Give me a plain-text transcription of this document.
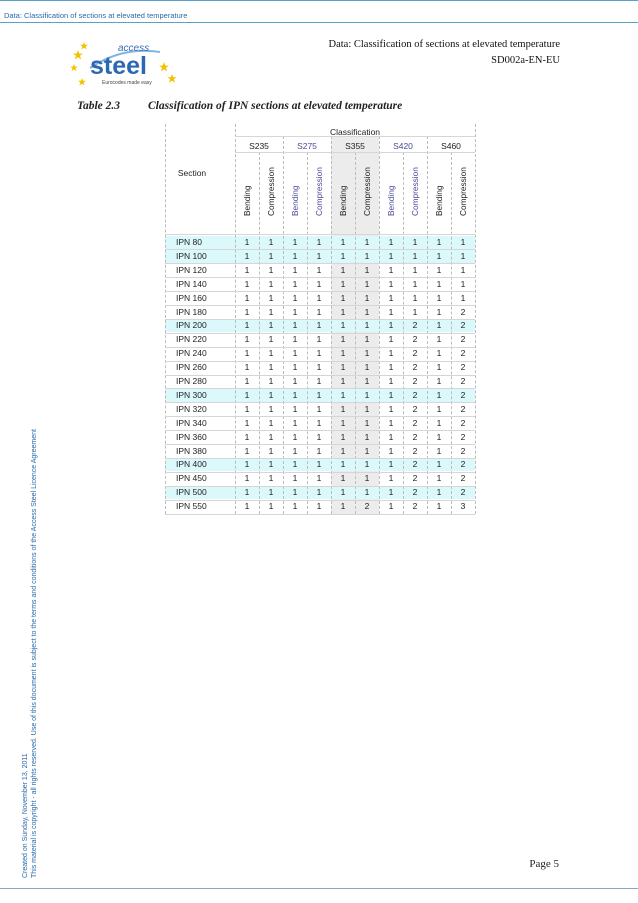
Data: Classification of sections at elevated temperature
access
steel
Eurocodes made easy
Data: Classification of sections at elevated temperature
SD002a-EN-EU
Table 2.3 Classification of IPN sections at elevated temperature
Classification
Section
S235	S275	S355	S420	S460
Bending Compression Bending Compression Bending Compression Bending Compression Bending Compression
IPN 80	1	1	1	1	1	1	1	1	1	1
IPN 100	1	1	1	1	1	1	1	1	1	1
IPN 120	1	1	1	1	1	1	1	1	1	1
IPN 140	1	1	1	1	1	1	1	1	1	1
IPN 160	1	1	1	1	1	1	1	1	1	1
IPN 180	1	1	1	1	1	1	1	1	1	2
IPN 200	1	1	1	1	1	1	1	2	1	2
IPN 220	1	1	1	1	1	1	1	2	1	2
IPN 240	1	1	1	1	1	1	1	2	1	2
IPN 260	1	1	1	1	1	1	1	2	1	2
IPN 280	1	1	1	1	1	1	1	2	1	2
IPN 300	1	1	1	1	1	1	1	2	1	2
IPN 320	1	1	1	1	1	1	1	2	1	2
IPN 340	1	1	1	1	1	1	1	2	1	2
IPN 360	1	1	1	1	1	1	1	2	1	2
IPN 380	1	1	1	1	1	1	1	2	1	2
IPN 400	1	1	1	1	1	1	1	2	1	2
IPN 450	1	1	1	1	1	1	1	2	1	2
IPN 500	1	1	1	1	1	1	1	2	1	2
IPN 550	1	1	1	1	1	2	1	2	1	3
Created on Sunday, November 13, 2011 This material is copyright - all rights reserved. Use of this document is subject to the terms and conditions of the Access Steel Licence Agreement	Page 5
